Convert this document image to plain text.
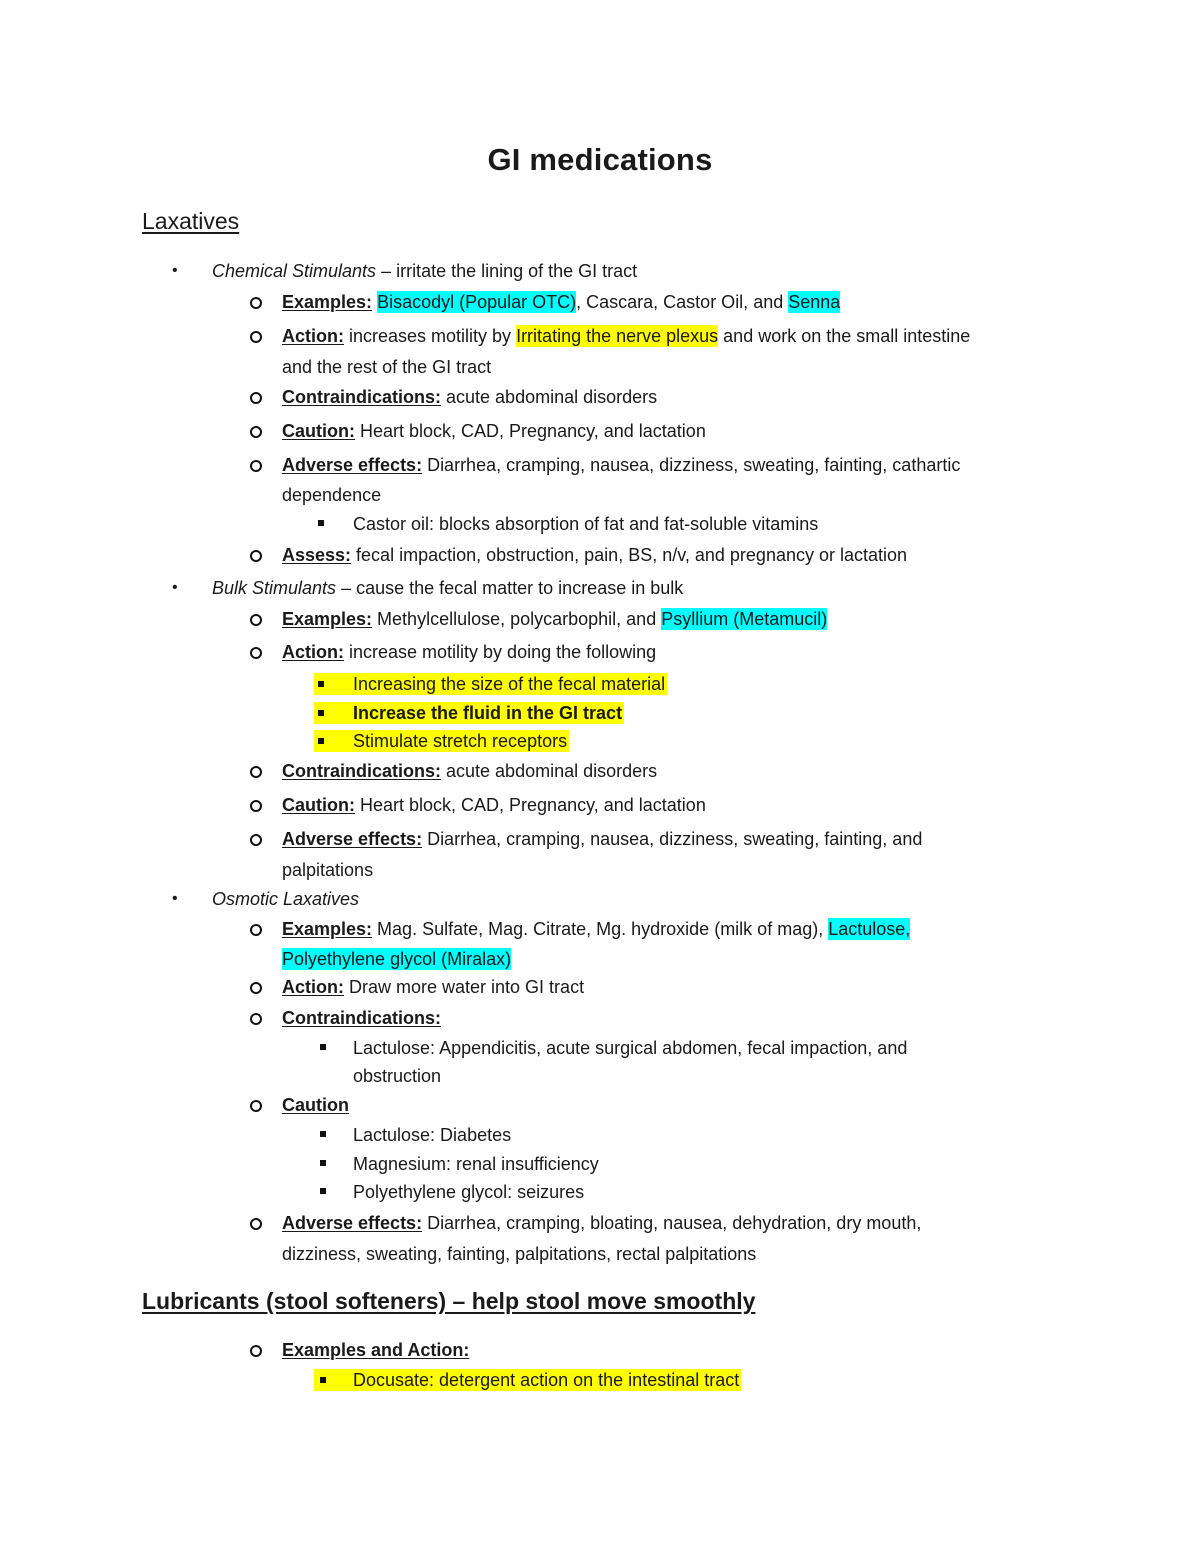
GI medications
Laxatives
• Chemical Stimulants – irritate the lining of the GI tract
Examples: Bisacodyl (Popular OTC), Cascara, Castor Oil, and Senna
Action: increases motility by Irritating the nerve plexus and work on the small intestine
and the rest of the GI tract
Contraindications: acute abdominal disorders
Caution: Heart block, CAD, Pregnancy, and lactation
Adverse effects: Diarrhea, cramping, nausea, dizziness, sweating, fainting, cathartic
dependence
Castor oil: blocks absorption of fat and fat-soluble vitamins
Assess: fecal impaction, obstruction, pain, BS, n/v, and pregnancy or lactation
• Bulk Stimulants – cause the fecal matter to increase in bulk
Examples: Methylcellulose, polycarbophil, and Psyllium (Metamucil)
Action: increase motility by doing the following
Increasing the size of the fecal material
Increase the fluid in the GI tract
Stimulate stretch receptors
Contraindications: acute abdominal disorders
Caution: Heart block, CAD, Pregnancy, and lactation
Adverse effects: Diarrhea, cramping, nausea, dizziness, sweating, fainting, and
palpitations
• Osmotic Laxatives
Examples: Mag. Sulfate, Mag. Citrate, Mg. hydroxide (milk of mag), Lactulose,
Polyethylene glycol (Miralax)
Action: Draw more water into GI tract
Contraindications:
Lactulose: Appendicitis, acute surgical abdomen, fecal impaction, and
obstruction
Caution
Lactulose: Diabetes
Magnesium: renal insufficiency
Polyethylene glycol: seizures
Adverse effects: Diarrhea, cramping, bloating, nausea, dehydration, dry mouth,
dizziness, sweating, fainting, palpitations, rectal palpitations
Lubricants (stool softeners) – help stool move smoothly
Examples and Action:
Docusate: detergent action on the intestinal tract
